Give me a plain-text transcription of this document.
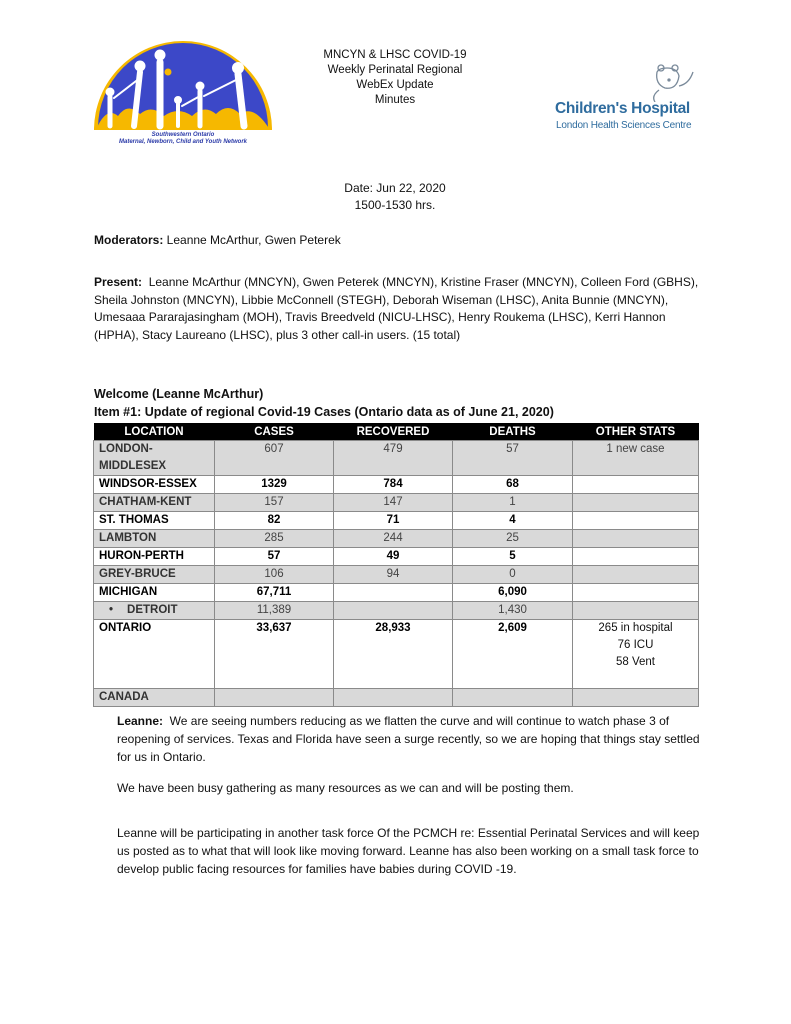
Southwestern Ontario
Maternal, Newborn, Child and Youth Network
MNCYN & LHSC COVID-19
Weekly Perinatal Regional
WebEx Update
Minutes	Children's Hospital
London Health Sciences Centre
Date: Jun 22, 2020
1500-1530 hrs.
Moderators: Leanne McArthur, Gwen Peterek
Present:  Leanne McArthur (MNCYN), Gwen Peterek (MNCYN), Kristine Fraser (MNCYN), Colleen Ford (GBHS), Sheila Johnston (MNCYN), Libbie McConnell (STEGH), Deborah Wiseman (LHSC), Anita Bunnie (MNCYN), Umesaaa Pararajasingham (MOH), Travis Breedveld (NICU-LHSC), Henry Roukema (LHSC), Kerri Hannon (HPHA), Stacy Laureano (LHSC), plus 3 other call-in users. (15 total)
Welcome (Leanne McArthur)
Item #1: Update of regional Covid-19 Cases (Ontario data as of June 21, 2020)
LOCATION	CASES	RECOVERED	DEATHS	OTHER STATS
LONDON-
MIDDLESEX	607	479	57	1 new case
WINDSOR-ESSEX	1329	784	68	
CHATHAM-KENT	157	147	1	
ST. THOMAS	82	71	4	
LAMBTON	285	244	25	
HURON-PERTH	57	49	5	
GREY-BRUCE	106	94	0	
MICHIGAN	67,711		6,090	
• DETROIT	11,389		1,430	
ONTARIO	33,637	28,933	2,609	265 in hospital
76 ICU
58 Vent

CANADA				
Leanne:  We are seeing numbers reducing as we flatten the curve and will continue to watch phase 3 of reopening of services. Texas and Florida have seen a surge recently, so we are hoping that things stay settled for us in Ontario.
We have been busy gathering as many resources as we can and will be posting them.
Leanne will be participating in another task force Of the PCMCH re: Essential Perinatal Services and will keep us posted as to what that will look like moving forward. Leanne has also been working on a small task force to develop public facing resources for families have babies during COVID -19.
